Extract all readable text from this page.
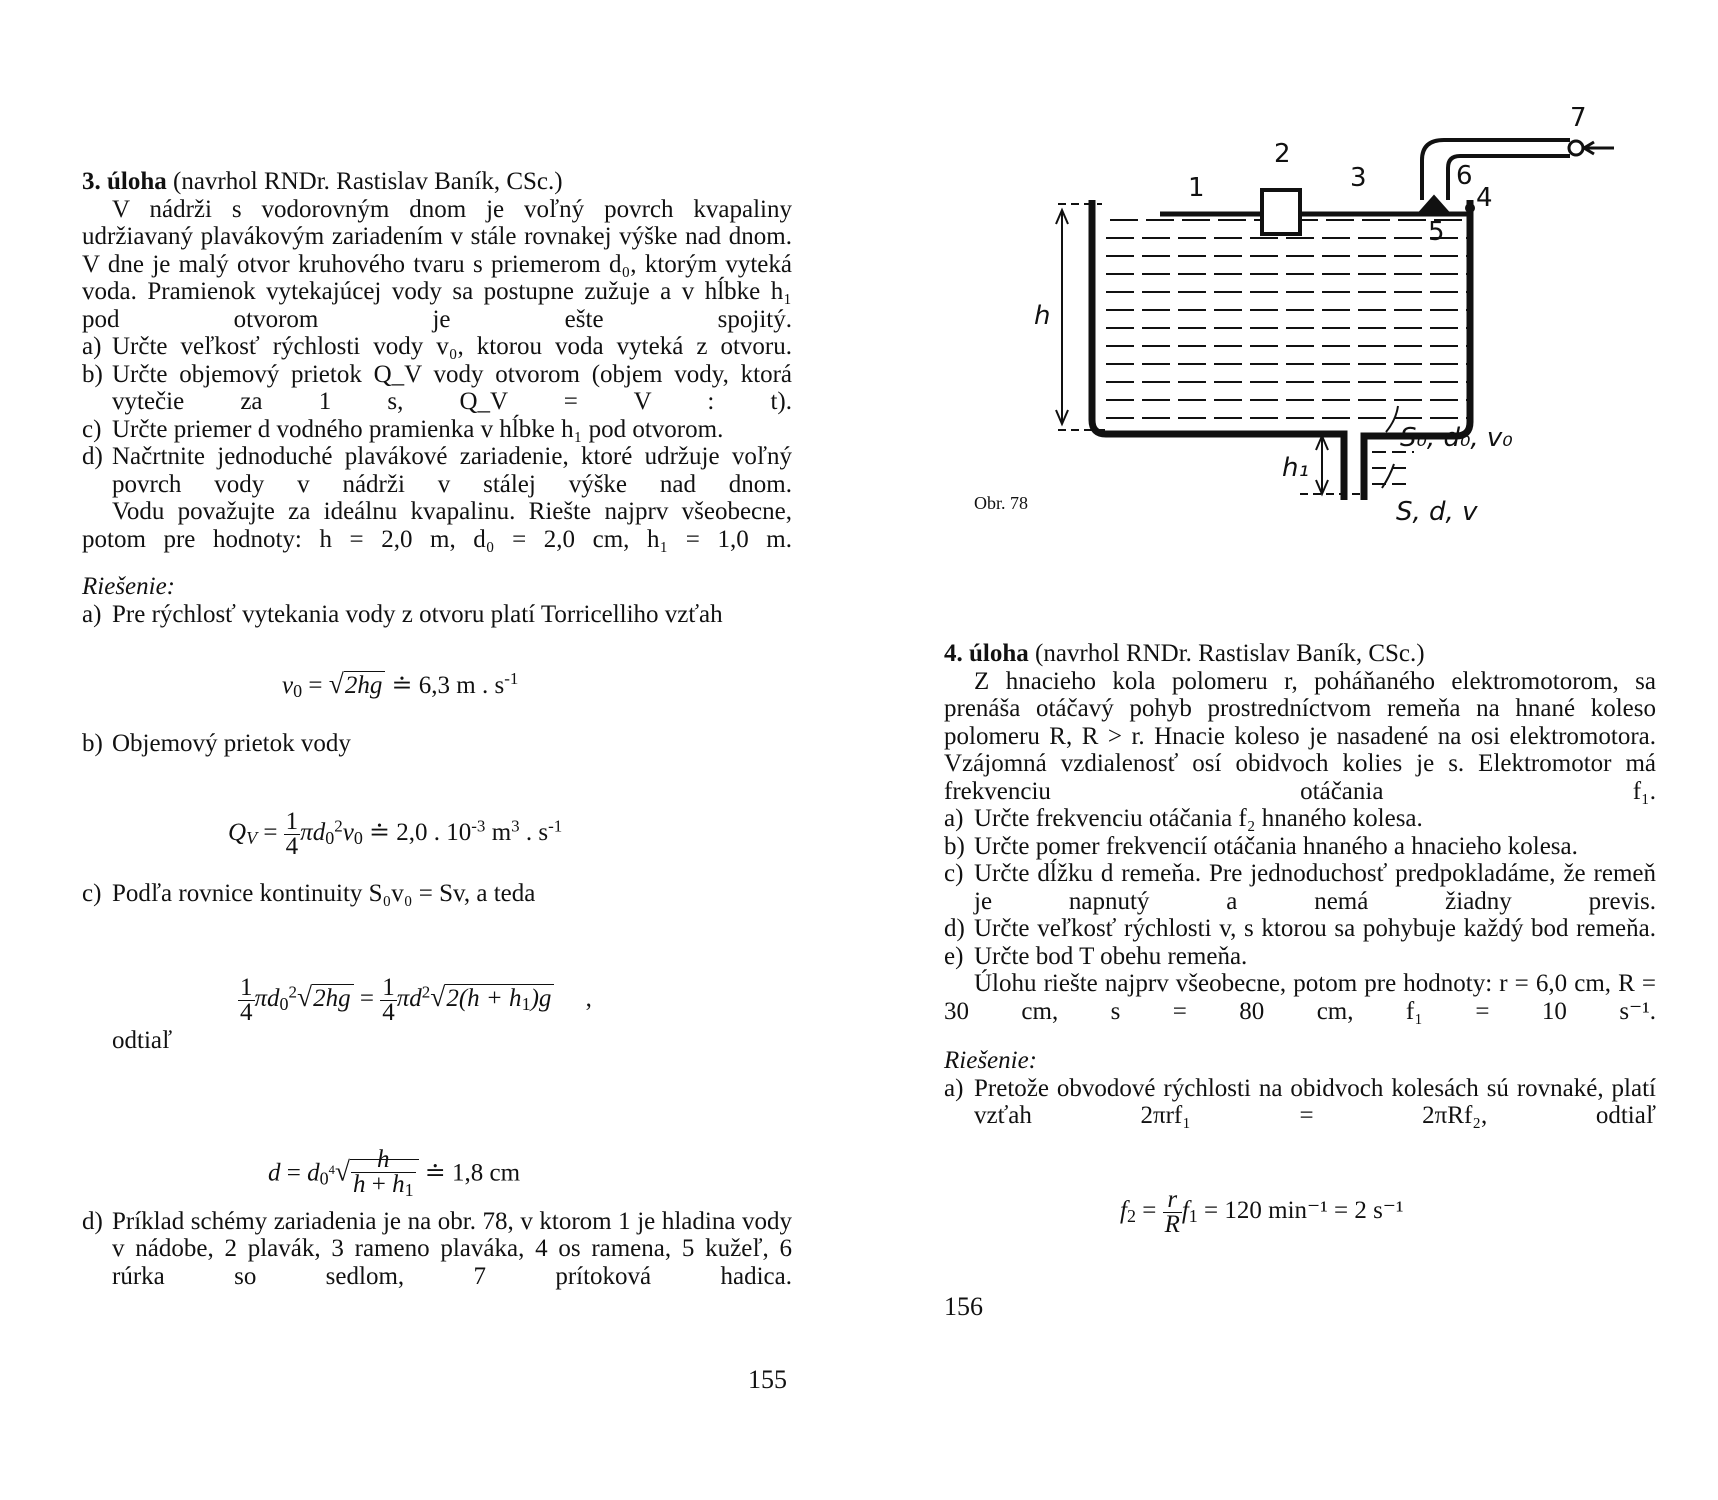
3. úloha (navrhol RNDr. Rastislav Baník, CSc.)
V nádrži s vodorovným dnom je voľný povrch kvapaliny udržiavaný plavákovým zariadením v stále rovnakej výške nad dnom. V dne je malý otvor kruhového tvaru s priemerom d₀, ktorým vyteká voda. Pramienok vytekajúcej vody sa postupne zužuje a v hĺbke h₁ pod otvorom je ešte spojitý.
a) Určte veľkosť rýchlosti vody v₀, ktorou voda vyteká z otvoru.
b) Určte objemový prietok Q_V vody otvorom (objem vody, ktorá vytečie za 1 s, Q_V = V : t).
c) Určte priemer d vodného pramienka v hĺbke h₁ pod otvorom.
d) Načrtnite jednoduché plavákové zariadenie, ktoré udržuje voľný povrch vody v nádrži v stálej výške nad dnom.
Vodu považujte za ideálnu kvapalinu. Riešte najprv všeobecne, potom pre hodnoty: h = 2,0 m, d₀ = 2,0 cm, h₁ = 1,0 m.
Riešenie:
a) Pre rýchlosť vytekania vody z otvoru platí Torricelliho vzťah
b) Objemový prietok vody
c) Podľa rovnice kontinuity S₀v₀ = Sv, a teda
odtiaľ
d) Príklad schémy zariadenia je na obr. 78, v ktorom 1 je hladina vody v nádobe, 2 plavák, 3 rameno plaváka, 4 os ramena, 5 kužeľ, 6 rúrka so sedlom, 7 prítoková hadica.
$v_0 = √2hg$ ≐ 6,3 m . $s^{-1}$
$Q_V = \frac{1}{4} \pi d_0^2v_0$ ≐ 2,0 . $10^{-3}$ $m^3$ . $s^{-1}$
$\frac{1}{4} \pi d_0^2√2hg = \frac{1}{4} \pi d^2√2(h + h_1)g$     ,
$d = d_0^4√ \frac{h}{h + h_1}$ ≐ 1,8 cm
155
1
2
3
4
5
6
7
h
h₁
S₀, d₀, v₀
S, d, v
Obr. 78
4. úloha (navrhol RNDr. Rastislav Baník, CSc.)
Z hnacieho kola polomeru r, poháňaného elektromotorom, sa prenáša otáčavý pohyb prostredníctvom remeňa na hnané koleso polomeru R, R > r. Hnacie koleso je nasadené na osi elektromotora. Vzájomná vzdialenosť osí obidvoch kolies je s. Elektromotor má frekvenciu otáčania f₁.
a) Určte frekvenciu otáčania f₂ hnaného kolesa.
b) Určte pomer frekvencií otáčania hnaného a hnacieho kolesa.
c) Určte dĺžku d remeňa. Pre jednoduchosť predpokladáme, že remeň je napnutý a nemá žiadny previs.
d) Určte veľkosť rýchlosti v, s ktorou sa pohybuje každý bod remeňa.
e) Určte bod T obehu remeňa.
Úlohu riešte najprv všeobecne, potom pre hodnoty: r = 6,0 cm, R = 30 cm, s = 80 cm, f₁ = 10 s⁻¹.
Riešenie:
a) Pretože obvodové rýchlosti na obidvoch kolesách sú rovnaké, platí vzťah 2πrf₁ = 2πRf₂, odtiaľ
$f_2 = \frac{r}{R} f_1 = 120$ min⁻¹ = 2 s⁻¹
156
